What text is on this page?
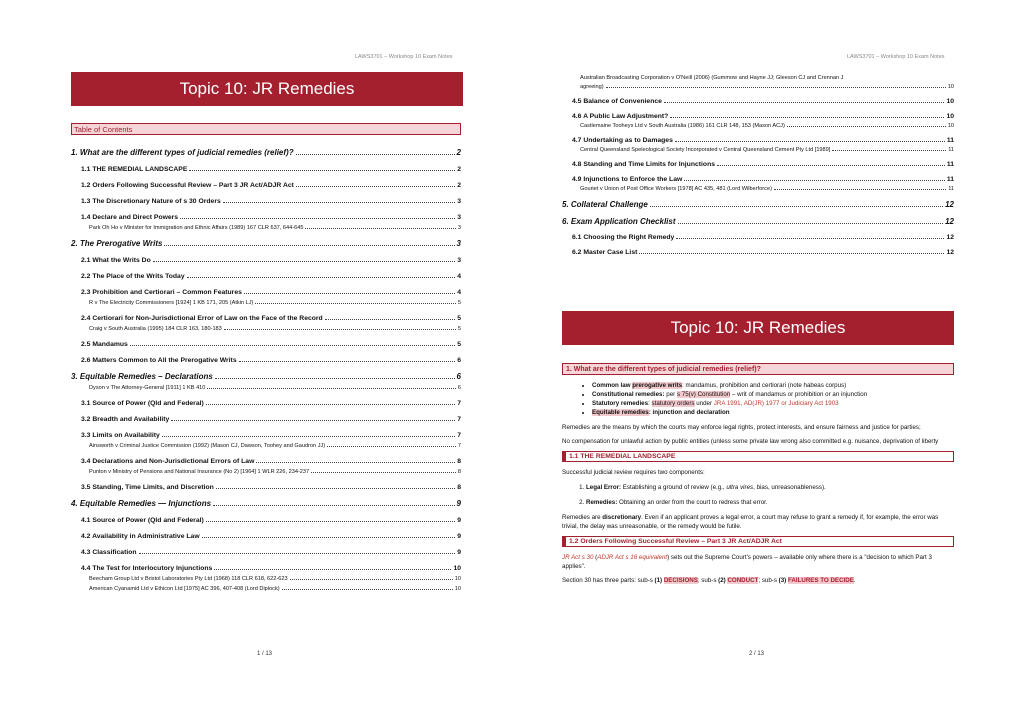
LAWS3701 – Workshop 10 Exam Notes
Topic 10: JR Remedies
Table of Contents
1. What are the different types of judicial remedies (relief)?	2
1.1 THE REMEDIAL LANDSCAPE	2
1.2 Orders Following Successful Review – Part 3 JR Act/ADJR Act	2
1.3 The Discretionary Nature of s 30 Orders	3
1.4 Declare and Direct Powers	3
Park Oh Ho v Minister for Immigration and Ethnic Affairs (1989) 167 CLR 637, 644-645	3
2. The Prerogative Writs	3
2.1 What the Writs Do	3
2.2 The Place of the Writs Today	4
2.3 Prohibition and Certiorari – Common Features	4
R v The Electricity Commissioners [1924] 1 KB 171, 205 (Atkin LJ)	5
2.4 Certiorari for Non-Jurisdictional Error of Law on the Face of the Record	5
Craig v South Australia (1995) 184 CLR 163, 180-183	5
2.5 Mandamus	5
2.6 Matters Common to All the Prerogative Writs	6
3. Equitable Remedies – Declarations	6
Dyson v The Attorney-General [1911] 1 KB 410	6
3.1 Source of Power (Qld and Federal)	7
3.2 Breadth and Availability	7
3.3 Limits on Availability	7
Ainsworth v Criminal Justice Commission (1992) (Mason CJ, Dawson, Toohey and Gaudron JJ)	7
3.4 Declarations and Non-Jurisdictional Errors of Law	8
Punton v Ministry of Pensions and National Insurance (No 2) [1964] 1 WLR 226, 234-237	8
3.5 Standing, Time Limits, and Discretion	8
4. Equitable Remedies — Injunctions	9
4.1 Source of Power (Qld and Federal)	9
4.2 Availability in Administrative Law	9
4.3 Classification	9
4.4 The Test for Interlocutory Injunctions	10
Beecham Group Ltd v Bristol Laboratories Pty Ltd (1968) 118 CLR 618, 622-623	10
American Cyanamid Ltd v Ethicon Ltd [1975] AC 396, 407-408 (Lord Diplock)	10
1 / 13
LAWS3701 – Workshop 10 Exam Notes
Australian Broadcasting Corporation v O'Neill (2006) (Gummow and Hayne JJ; Gleeson CJ and Crennan J
agreeing)	10
4.5 Balance of Convenience	10
4.6 A Public Law Adjustment?	10
Castlemaine Tooheys Ltd v South Australia (1986) 161 CLR 148, 153 (Mason ACJ)	10
4.7 Undertaking as to Damages	11
Central Queensland Speleological Society Incorporated v Central Queensland Cement Pty Ltd [1989]	11
4.8 Standing and Time Limits for Injunctions	11
4.9 Injunctions to Enforce the Law	11
Gouriet v Union of Post Office Workers [1978] AC 435, 481 (Lord Wilberforce)	11
5. Collateral Challenge	12
6. Exam Application Checklist	12
6.1 Choosing the Right Remedy	12
6.2 Master Case List	12
Topic 10: JR Remedies
1. What are the different types of judicial remedies (relief)?
• Common law prerogative writs: mandamus, prohibition and certiorari (note habeas corpus)
• Constitutional remedies: per s 75(v) Constitution – writ of mandamus or prohibition or an injunction
• Statutory remedies: statutory orders under JRA 1991, AD(JR) 1977 or Judiciary Act 1903
• Equitable remedies: injunction and declaration

Remedies are the means by which the courts may enforce legal rights, protect interests, and ensure fairness and justice for parties;

No compensation for unlawful action by public entities (unless some private law wrong also committed e.g. nuisance, deprivation of liberty

1.1 THE REMEDIAL LANDSCAPE

Successful judicial review requires two components:

1. Legal Error: Establishing a ground of review (e.g., ultra vires, bias, unreasonableness).
2. Remedies: Obtaining an order from the court to redress that error.

Remedies are discretionary. Even if an applicant proves a legal error, a court may refuse to grant a remedy if, for example, the error was trivial, the delay was unreasonable, or the remedy would be futile.

1.2 Orders Following Successful Review – Part 3 JR Act/ADJR Act

JR Act s 30 (ADJR Act s 16 equivalent) sets out the Supreme Court's powers – available only where there is a "decision to which Part 3 applies".

Section 30 has three parts: sub-s (1) DECISIONS; sub-s (2) CONDUCT; sub-s (3) FAILURES TO DECIDE.

2 / 13
